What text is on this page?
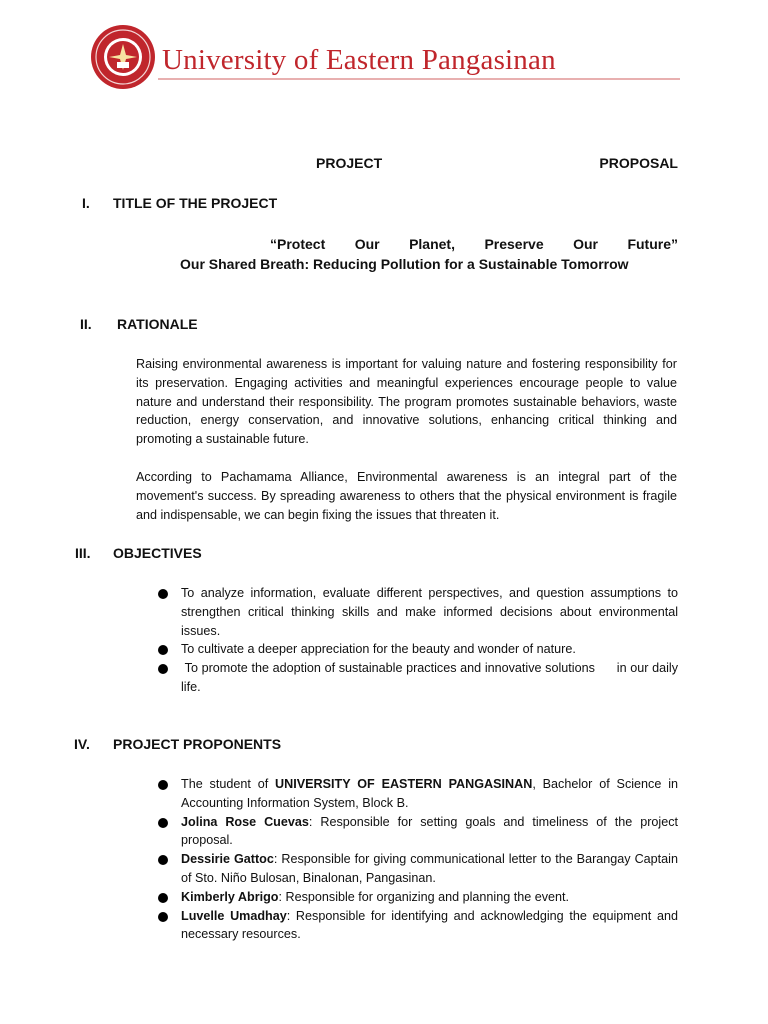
University of Eastern Pangasinan
PROJECT	PROPOSAL
I. TITLE OF THE PROJECT
“Protect Our Planet, Preserve Our Future”
Our Shared Breath: Reducing Pollution for a Sustainable Tomorrow
II. RATIONALE
Raising environmental awareness is important for valuing nature and fostering responsibility for its preservation. Engaging activities and meaningful experiences encourage people to value nature and understand their responsibility. The program promotes sustainable behaviors, waste reduction, energy conservation, and innovative solutions, enhancing critical thinking and promoting a sustainable future.
According to Pachamama Alliance, Environmental awareness is an integral part of the movement's success. By spreading awareness to others that the physical environment is fragile and indispensable, we can begin fixing the issues that threaten it.
III. OBJECTIVES
To analyze information, evaluate different perspectives, and question assumptions to strengthen critical thinking skills and make informed decisions about environmental issues.
To cultivate a deeper appreciation for the beauty and wonder of nature.
To promote the adoption of sustainable practices and innovative solutions      in our daily life.
IV. PROJECT PROPONENTS
The student of UNIVERSITY OF EASTERN PANGASINAN, Bachelor of Science in Accounting Information System, Block B.
Jolina Rose Cuevas: Responsible for setting goals and timeliness of the project proposal.
Dessirie Gattoc: Responsible for giving communicational letter to the Barangay Captain of Sto. Niño Bulosan, Binalonan, Pangasinan.
Kimberly Abrigo: Responsible for organizing and planning the event.
Luvelle Umadhay: Responsible for identifying and acknowledging the equipment and necessary resources.
